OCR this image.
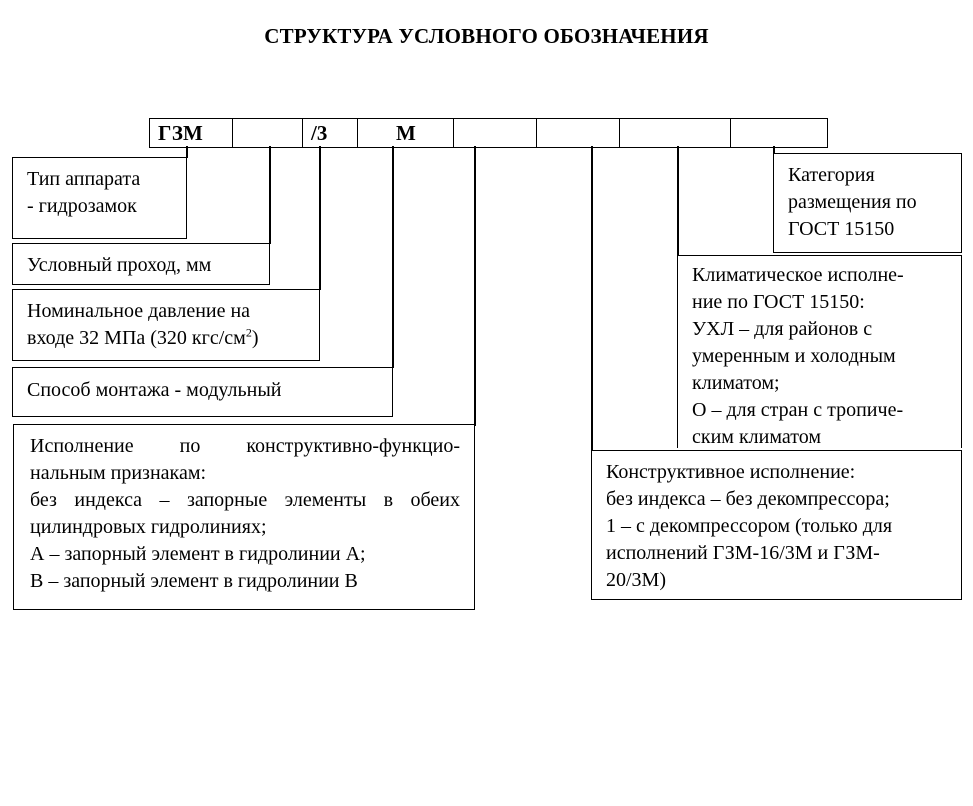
СТРУКТУРА УСЛОВНОГО ОБОЗНАЧЕНИЯ
ГЗМ	/3	М
Тип аппарата
- гидрозамок
Условный проход, мм
Номинальное давление на
входе 32 МПа (320 кгс/$см^2$)
Способ монтажа - модульный
Исполнение по конструктивно-функцио-
нальным признакам:
без индекса – запорные элементы в обеих
цилиндровых гидролиниях;
А – запорный элемент в гидролинии А;
В – запорный элемент в гидролинии В
Категория
размещения по
ГОСТ 15150
Климатическое исполне-
ние по ГОСТ 15150:
УХЛ – для районов с
умеренным и холодным
климатом;
О – для стран с тропиче-
ским климатом
Конструктивное исполнение:
без индекса – без декомпрессора;
1 – с декомпрессором (только для
исполнений ГЗМ-16/3М и ГЗМ-
20/3М)
